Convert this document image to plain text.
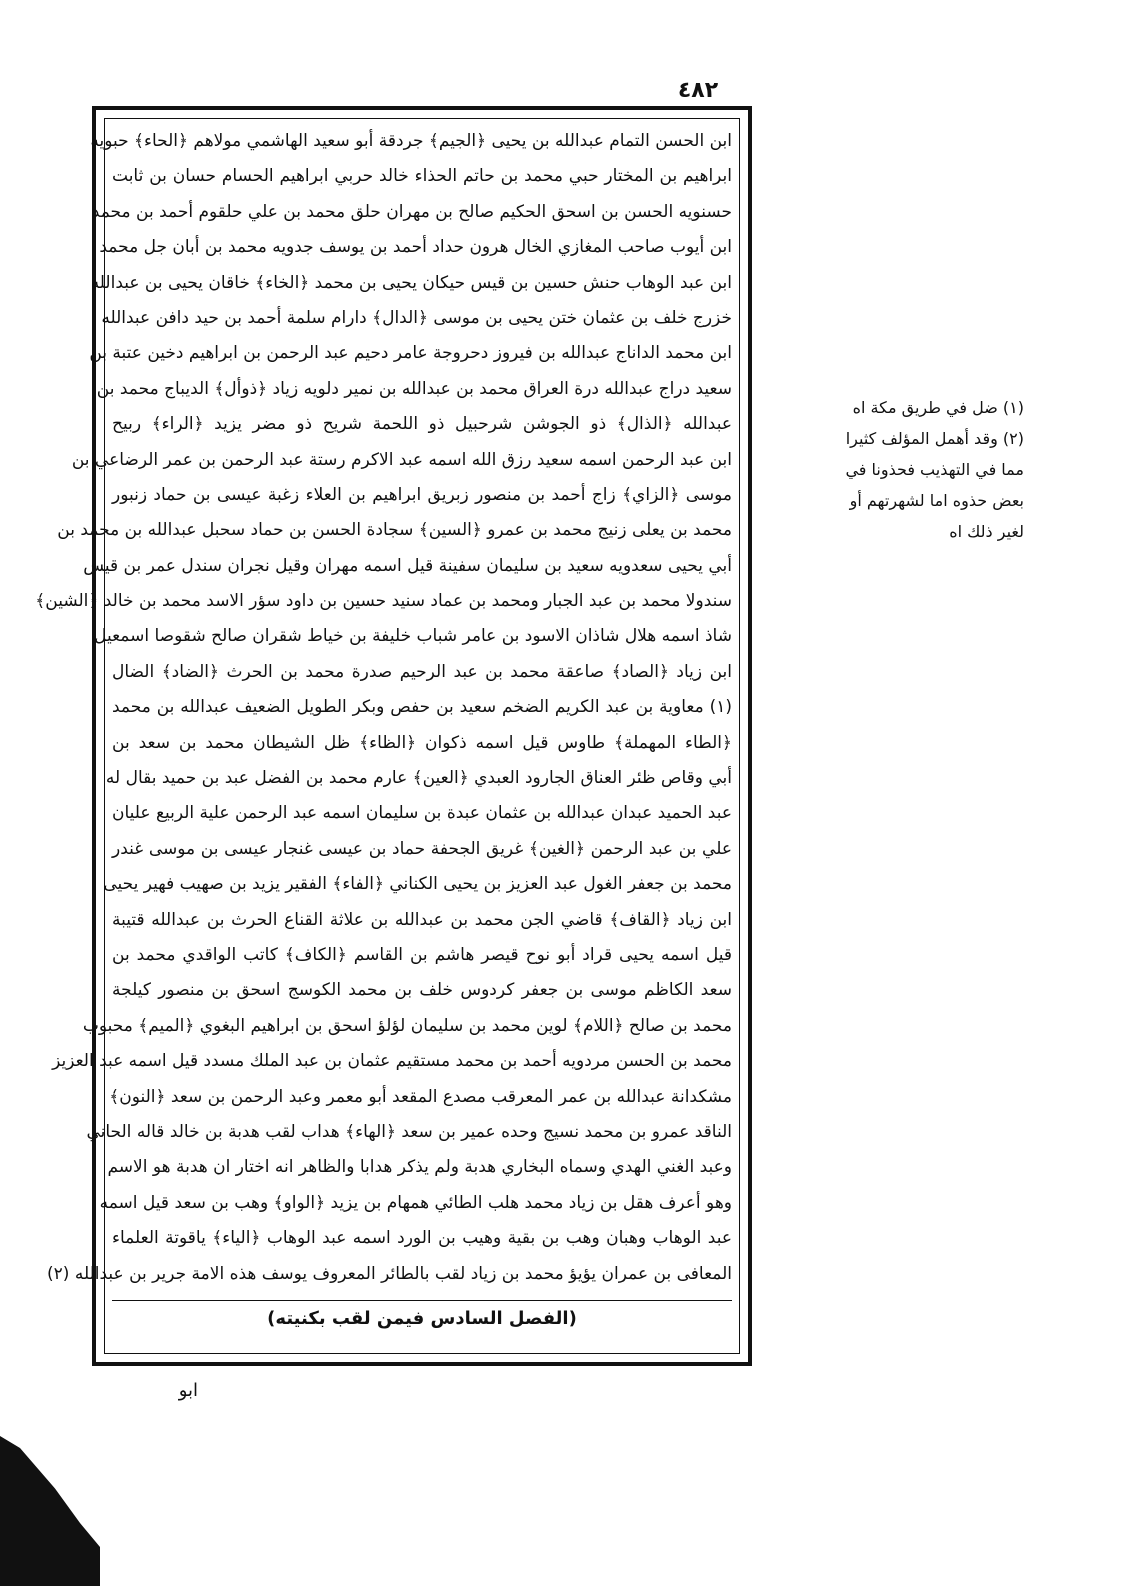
٤٨٢
ابن الحسن التمام عبدالله بن يحيى ﴿الجيم﴾ جردقة أبو سعيد الهاشمي مولاهم ﴿الحاء﴾ حبويه
ابراهيم بن المختار حبي محمد بن حاتم الحذاء خالد حربي ابراهيم الحسام حسان بن ثابت
حسنويه الحسن بن اسحق الحكيم صالح بن مهران حلق محمد بن علي حلقوم أحمد بن محمد
ابن أيوب صاحب المغازي الخال هرون حداد أحمد بن يوسف جدويه محمد بن أبان جل محمد
ابن عبد الوهاب حنش حسين بن قيس حيكان يحيى بن محمد ﴿الخاء﴾ خاقان يحيى بن عبدالله
خزرج خلف بن عثمان ختن يحيى بن موسى ﴿الدال﴾ دارام سلمة أحمد بن حيد دافن عبدالله
ابن محمد الداناج عبدالله بن فيروز دحروجة عامر دحيم عبد الرحمن بن ابراهيم دخين عتبة بن
سعيد دراج عبدالله درة العراق محمد بن عبدالله بن نمير دلويه زياد ﴿ذوأل﴾ الديباج محمد بن
عبدالله ﴿الذال﴾ ذو الجوشن شرحبيل ذو اللحمة شريح ذو مضر يزيد ﴿الراء﴾ ربيح
ابن عبد الرحمن اسمه سعيد رزق الله اسمه عبد الاكرم رستة عبد الرحمن بن عمر الرضاعي بن
موسى ﴿الزاي﴾ زاج أحمد بن منصور زبريق ابراهيم بن العلاء زغبة عيسى بن حماد زنبور
محمد بن يعلى زنيج محمد بن عمرو ﴿السين﴾ سجادة الحسن بن حماد سحبل عبدالله بن محمد بن
أبي يحيى سعدويه سعيد بن سليمان سفينة قيل اسمه مهران وقيل نجران سندل عمر بن قيس
سندولا محمد بن عبد الجبار ومحمد بن عماد سنيد حسين بن داود سؤر الاسد محمد بن خالد ﴿الشين﴾
شاذ اسمه هلال شاذان الاسود بن عامر شباب خليفة بن خياط شقران صالح شقوصا اسمعيل
ابن زياد ﴿الصاد﴾ صاعقة محمد بن عبد الرحيم صدرة محمد بن الحرث ﴿الضاد﴾ الضال
(١) معاوية بن عبد الكريم الضخم سعيد بن حفص وبكر الطويل الضعيف عبدالله بن محمد
﴿الطاء المهملة﴾ طاوس قيل اسمه ذكوان ﴿الظاء﴾ ظل الشيطان محمد بن سعد بن
أبي وقاص ظئر العناق الجارود العبدي ﴿العين﴾ عارم محمد بن الفضل عبد بن حميد بقال له
عبد الحميد عبدان عبدالله بن عثمان عبدة بن سليمان اسمه عبد الرحمن علية الربيع عليان
علي بن عبد الرحمن ﴿الغين﴾ غريق الجحفة حماد بن عيسى غنجار عيسى بن موسى غندر
محمد بن جعفر الغول عبد العزيز بن يحيى الكناني ﴿الفاء﴾ الفقير يزيد بن صهيب فهير يحيى
ابن زياد ﴿القاف﴾ قاضي الجن محمد بن عبدالله بن علاثة القناع الحرث بن عبدالله قتيبة
قيل اسمه يحيى قراد أبو نوح قيصر هاشم بن القاسم ﴿الكاف﴾ كاتب الواقدي محمد بن
سعد الكاظم موسى بن جعفر كردوس خلف بن محمد الكوسج اسحق بن منصور كيلجة
محمد بن صالح ﴿اللام﴾ لوين محمد بن سليمان لؤلؤ اسحق بن ابراهيم البغوي ﴿الميم﴾ محبوب
محمد بن الحسن مردويه أحمد بن محمد مستقيم عثمان بن عبد الملك مسدد قيل اسمه عبد العزيز
مشكدانة عبدالله بن عمر المعرقب مصدع المقعد أبو معمر وعبد الرحمن بن سعد ﴿النون﴾
الناقد عمرو بن محمد نسيج وحده عمير بن سعد ﴿الهاء﴾ هداب لقب هدبة بن خالد قاله الحاني
وعبد الغني الهدي وسماه البخاري هدبة ولم يذكر هدابا والظاهر انه اختار ان هدبة هو الاسم
وهو أعرف هقل بن زياد محمد هلب الطائي همهام بن يزيد ﴿الواو﴾ وهب بن سعد قيل اسمه
عبد الوهاب وهبان وهب بن بقية وهيب بن الورد اسمه عبد الوهاب ﴿الياء﴾ ياقوتة العلماء
المعافى بن عمران يؤيؤ محمد بن زياد لقب بالطائر المعروف يوسف هذه الامة جرير بن عبدالله (٢)
(الفصل السادس فيمن لقب بكنيته)
(١) ضل في طريق مكة اه
(٢) وقد أهمل المؤلف كثيرا
مما في التهذيب فحذونا في
بعض حذوه اما لشهرتهم أو
لغير ذلك اه
ابو
